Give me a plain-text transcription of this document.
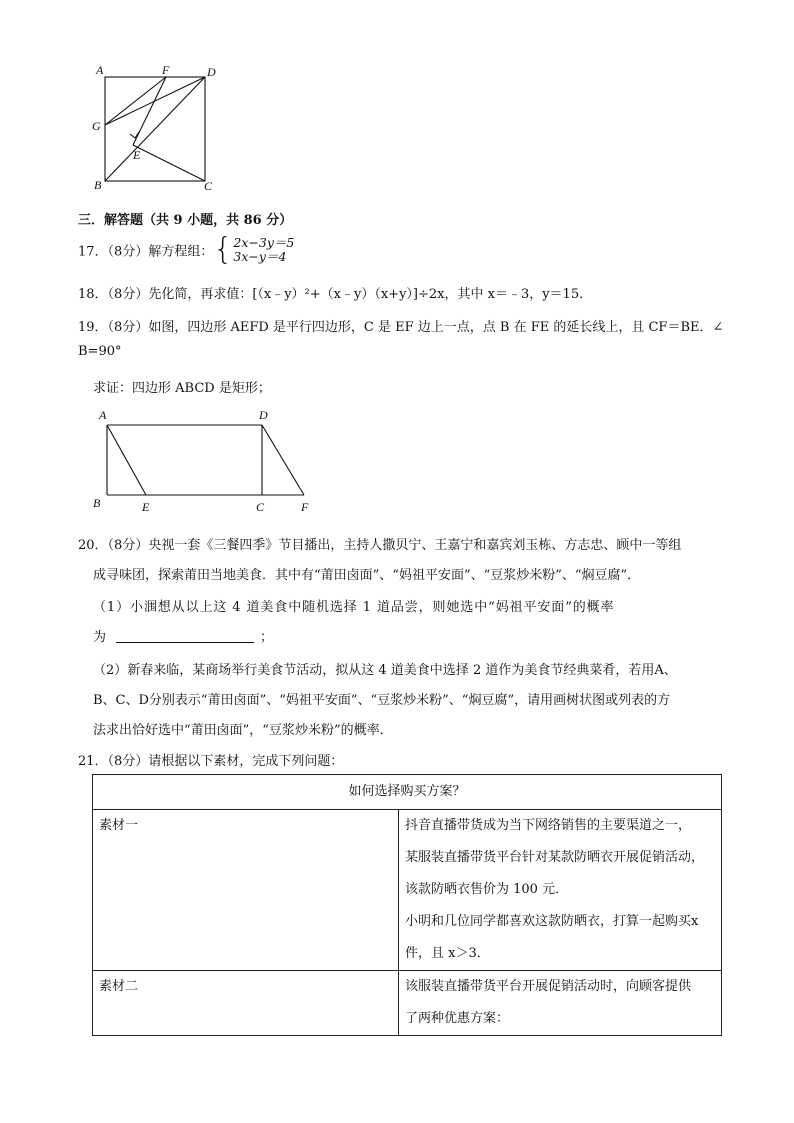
A	F	D
G
E
B	C
三．解答题（共 9 小题，共 86 分）
17．（8分）解方程组：{ 2x−3y＝5
3x−y＝4
18．（8分）先化简，再求值：[（x﹣y）²+（x﹣y）（x+y）]÷2x，其中 x＝﹣3，y＝15．
19．（8分）如图，四边形 AEFD 是平行四边形，C 是 EF 边上一点，点 B 在 FE 的延长线上，且 CF＝BE．∠
B=90°
求证：四边形 ABCD 是矩形；
A	D
B	E	C	F
20．（8分）央视一套《三餐四季》节目播出，主持人撒贝宁、王嘉宁和嘉宾刘玉栋、方志忠、顾中一等组
成寻味团，探索莆田当地美食．其中有“莆田卤面”、“妈祖平安面”、“豆浆炒米粉”、“焖豆腐”．
（1）小涠想从以上这 4 道美食中随机选择 1 道品尝，则她选中“妈祖平安面”的概率
为	；
（2）新春来临，某商场举行美食节活动，拟从这 4 道美食中选择 2 道作为美食节经典菜肴，若用A、
B、C、D分别表示“莆田卤面”、“妈祖平安面”、“豆浆炒米粉”、“焖豆腐”，请用画树状图或列表的方
法求出恰好选中“莆田卤面”，“豆浆炒米粉”的概率．
21．（8分）请根据以下素材，完成下列问题：
如何选择购买方案？	
素材一	抖音直播带货成为当下网络销售的主要渠道之一，
某服装直播带货平台针对某款防晒衣开展促销活动，
该款防晒衣售价为 100 元．
小明和几位同学都喜欢这款防晒衣，打算一起购买x
件，且 x＞3．

素材二	该服装直播带货平台开展促销活动时，向顾客提供
了两种优惠方案：
